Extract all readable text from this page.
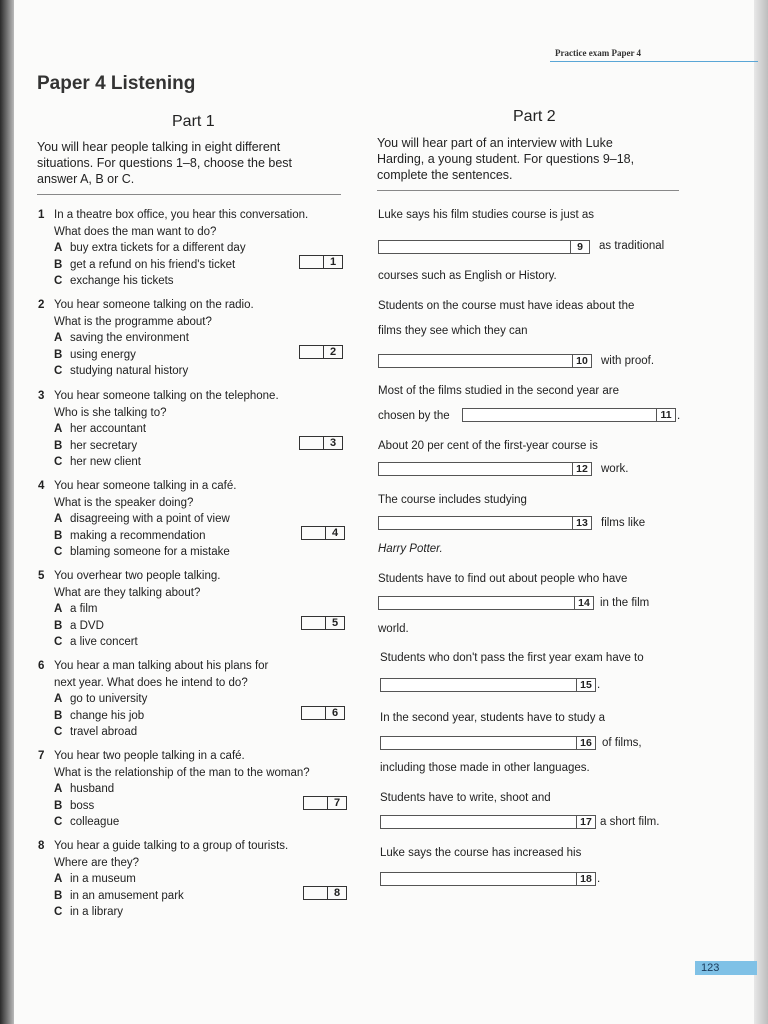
Practice exam Paper 4
Paper 4 Listening
Part 1
You will hear people talking in eight different
situations. For questions 1–8, choose the best
answer A, B or C.
1 In a theatre box office, you hear this conversation.
What does the man want to do?
A buy extra tickets for a different day
B get a refund on his friend's ticket
C exchange his tickets
1
2 You hear someone talking on the radio.
What is the programme about?
A saving the environment
B using energy
C studying natural history
2
3 You hear someone talking on the telephone.
Who is she talking to?
A her accountant
B her secretary
C her new client
3
4 You hear someone talking in a café.
What is the speaker doing?
A disagreeing with a point of view
B making a recommendation
C blaming someone for a mistake
4
5 You overhear two people talking.
What are they talking about?
A a film
B a DVD
C a live concert
5
6 You hear a man talking about his plans for
next year. What does he intend to do?
A go to university
B change his job
C travel abroad
6
7 You hear two people talking in a café.
What is the relationship of the man to the woman?
A husband
B boss
C colleague
7
8 You hear a guide talking to a group of tourists.
Where are they?
A in a museum
B in an amusement park
C in a library
8
Part 2
You will hear part of an interview with Luke
Harding, a young student. For questions 9–18,
complete the sentences.
Luke says his film studies course is just as
9	as traditional
courses such as English or History.
Students on the course must have ideas about the
films they see which they can
10 with proof.
Most of the films studied in the second year are
chosen by the	11 .
About 20 per cent of the first-year course is
12 work.
The course includes studying
13 films like
Harry Potter.
Students have to find out about people who have
14 in the film
world.
Students who don't pass the first year exam have to
15 .
In the second year, students have to study a
16 of films,
including those made in other languages.
Students have to write, shoot and
17 a short film.
Luke says the course has increased his
18 .
123
